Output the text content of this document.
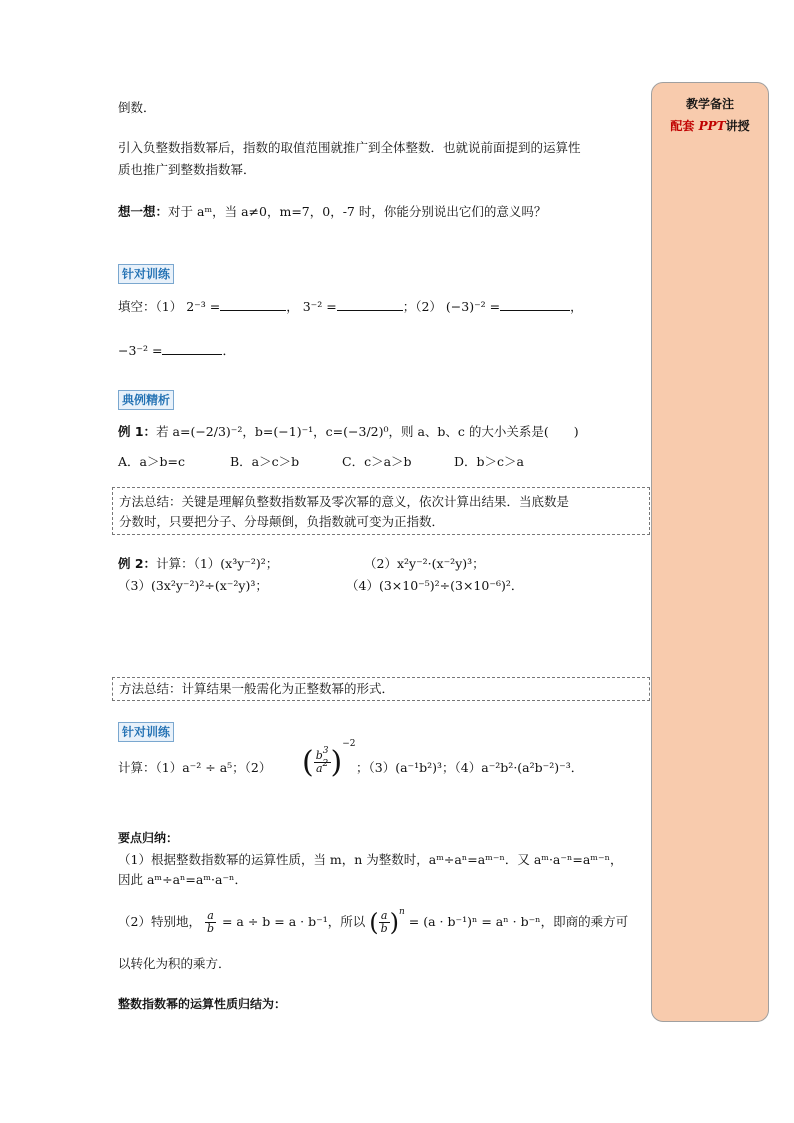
教学备注
配套 PPT讲授
倒数．
引入负整数指数幂后，指数的取值范围就推广到全体整数．也就说前面提到的运算性
质也推广到整数指数幂．
想一想：对于 aᵐ，当 a≠0，m=7，0，-7 时，你能分别说出它们的意义吗？
针对训练
填空：（1） 2⁻³ =	， 3⁻² =	；（2） (−3)⁻² =	，
−3⁻² =	．
典例精析
例 1：若 a=(−2/3)⁻²，b=(−1)⁻¹，c=(−3/2)⁰，则 a、b、c 的大小关系是(　　)
A．a＞b=c	B．a＞c＞b	C．c＞a＞b	D．b＞c＞a
方法总结：关键是理解负整数指数幂及零次幂的意义，依次计算出结果．当底数是
分数时，只要把分子、分母颠倒，负指数就可变为正指数．
例 2：计算：（1）(x³y⁻²)²；	（2）x²y⁻²·(x⁻²y)³；
（3）(3x²y⁻²)²÷(x⁻²y)³；	（4）(3×10⁻⁵)²÷(3×10⁻⁶)²．
方法总结：计算结果一般需化为正整数幂的形式．
针对训练
计算：（1）a⁻² ÷ a⁵；（2） ( $\frac{b^3}{a^2} )^{-2}$
；（3）(a⁻¹b²)³；（4）a⁻²b²·(a²b⁻²)⁻³．
要点归纳：
（1）根据整数指数幂的运算性质，当 m，n 为整数时，aᵐ÷aⁿ=aᵐ⁻ⁿ．又 aᵐ·a⁻ⁿ=aᵐ⁻ⁿ，
因此 aᵐ÷aⁿ=aᵐ·a⁻ⁿ．
（2）特别地， $\frac{a}{b} = a \div b = a \cdot b^{-1}$，所以 ( $\frac{a}{b} )^n = (a \cdot b^{-1})^n = a^n \cdot b^{-n}$，即商的乘方可
以转化为积的乘方．
整数指数幂的运算性质归结为：
